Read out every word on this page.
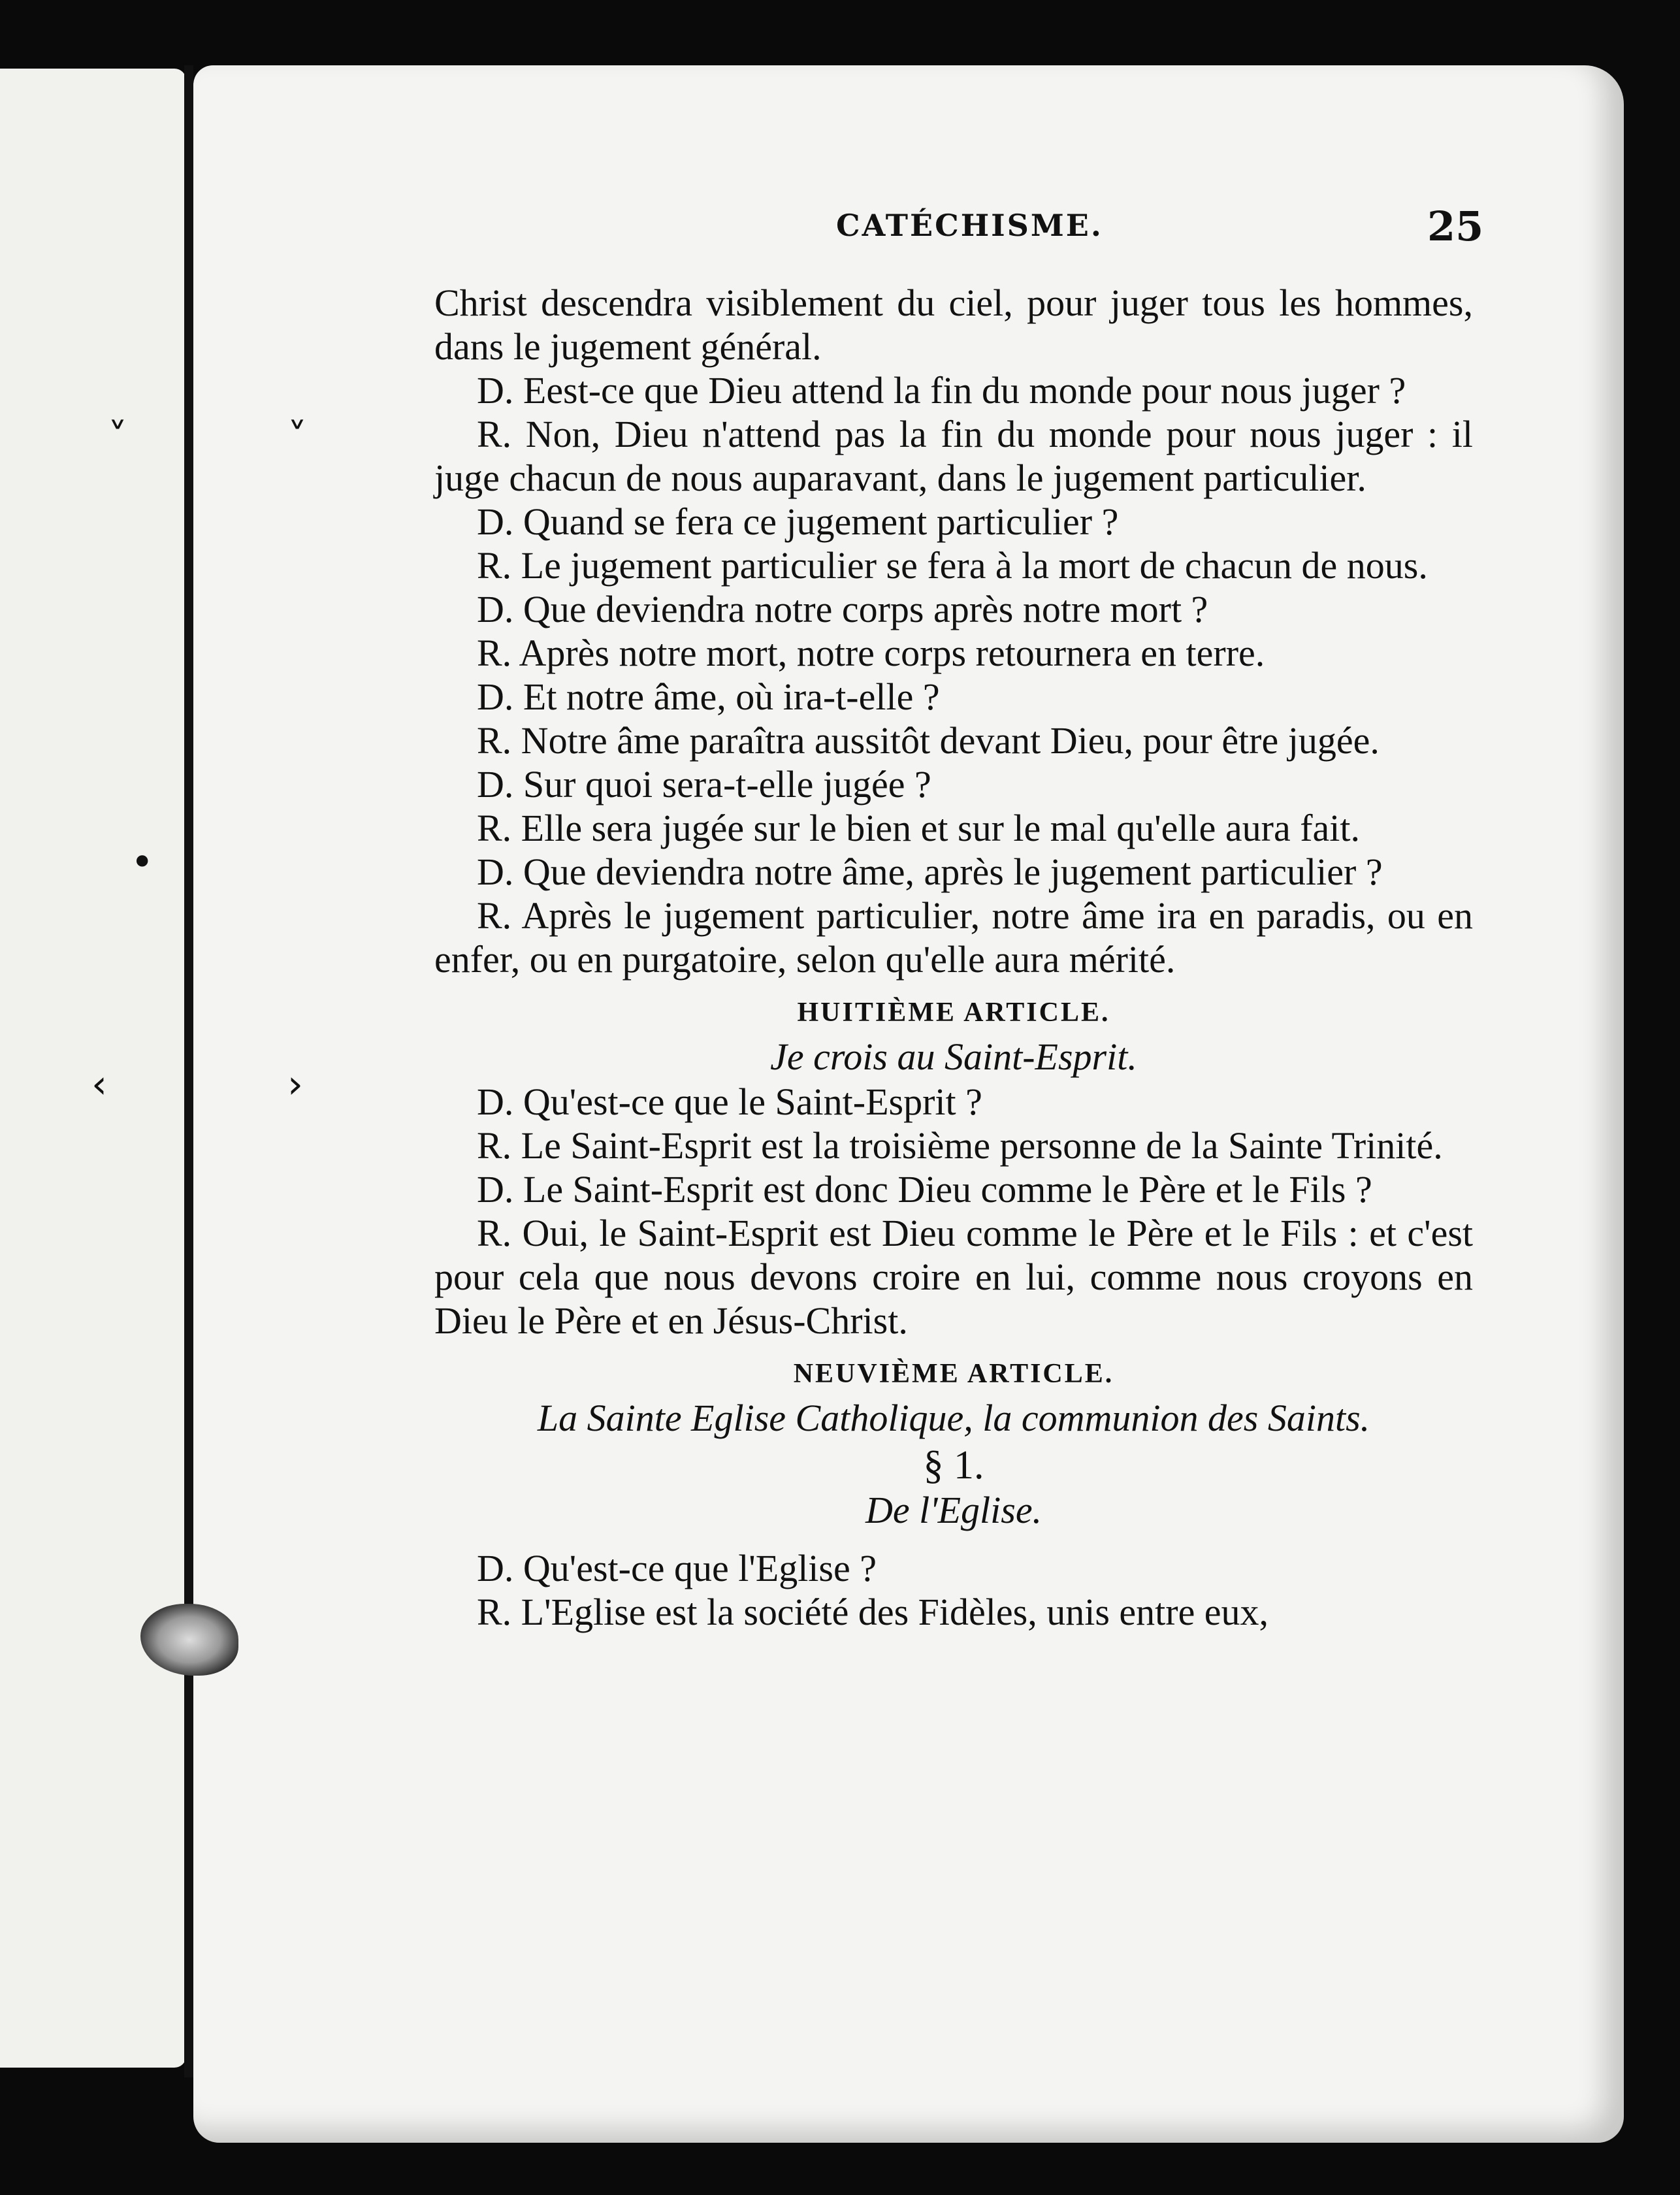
˅	˅
•
‹	›
CATÉCHISME.	25
Christ descendra visiblement du ciel, pour juger tous les hommes, dans le jugement général.
D. Eest-ce que Dieu attend la fin du monde pour nous juger ?
R. Non, Dieu n'attend pas la fin du monde pour nous juger : il juge chacun de nous auparavant, dans le jugement particulier.
D. Quand se fera ce jugement particulier ?
R. Le jugement particulier se fera à la mort de chacun de nous.
D. Que deviendra notre corps après notre mort ?
R. Après notre mort, notre corps retournera en terre.
D. Et notre âme, où ira-t-elle ?
R. Notre âme paraîtra aussitôt devant Dieu, pour être jugée.
D. Sur quoi sera-t-elle jugée ?
R. Elle sera jugée sur le bien et sur le mal qu'elle aura fait.
D. Que deviendra notre âme, après le jugement particulier ?
R. Après le jugement particulier, notre âme ira en paradis, ou en enfer, ou en purgatoire, selon qu'elle aura mérité.
HUITIÈME ARTICLE.
Je crois au Saint-Esprit.
D. Qu'est-ce que le Saint-Esprit ?
R. Le Saint-Esprit est la troisième personne de la Sainte Trinité.
D. Le Saint-Esprit est donc Dieu comme le Père et le Fils ?
R. Oui, le Saint-Esprit est Dieu comme le Père et le Fils : et c'est pour cela que nous devons croire en lui, comme nous croyons en Dieu le Père et en Jésus-Christ.
NEUVIÈME ARTICLE.
La Sainte Eglise Catholique, la communion des Saints.
§ 1.
De l'Eglise.
D. Qu'est-ce que l'Eglise ?
R. L'Eglise est la société des Fidèles, unis entre eux,
